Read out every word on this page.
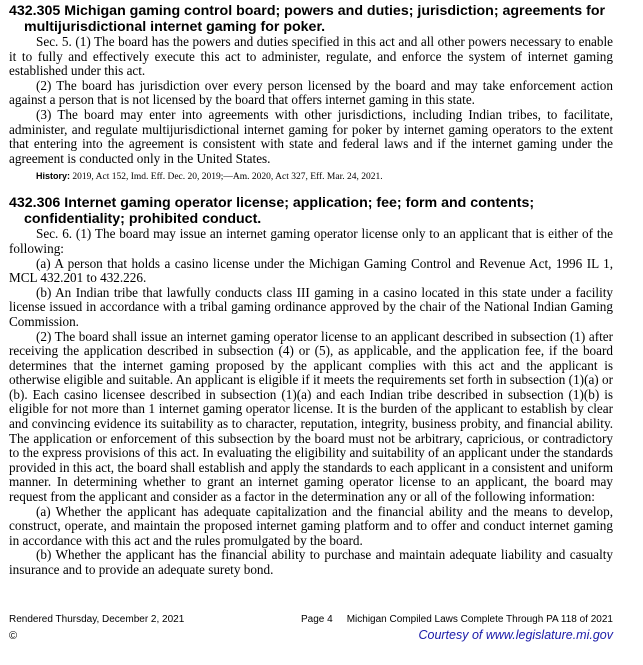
432.305 Michigan gaming control board; powers and duties; jurisdiction; agreements for multijurisdictional internet gaming for poker.

Sec. 5. (1) The board has the powers and duties specified in this act and all other powers necessary to enable it to fully and effectively execute this act to administer, regulate, and enforce the system of internet gaming established under this act.

(2) The board has jurisdiction over every person licensed by the board and may take enforcement action against a person that is not licensed by the board that offers internet gaming in this state.

(3) The board may enter into agreements with other jurisdictions, including Indian tribes, to facilitate, administer, and regulate multijurisdictional internet gaming for poker by internet gaming operators to the extent that entering into the agreement is consistent with state and federal laws and if the internet gaming under the agreement is conducted only in the United States.

History: 2019, Act 152, Imd. Eff. Dec. 20, 2019;—Am. 2020, Act 327, Eff. Mar. 24, 2021.

432.306 Internet gaming operator license; application; fee; form and contents; confidentiality; prohibited conduct.

Sec. 6. (1) The board may issue an internet gaming operator license only to an applicant that is either of the following:

(a) A person that holds a casino license under the Michigan Gaming Control and Revenue Act, 1996 IL 1, MCL 432.201 to 432.226.

(b) An Indian tribe that lawfully conducts class III gaming in a casino located in this state under a facility license issued in accordance with a tribal gaming ordinance approved by the chair of the National Indian Gaming Commission.

(2) The board shall issue an internet gaming operator license to an applicant described in subsection (1) after receiving the application described in subsection (4) or (5), as applicable, and the application fee, if the board determines that the internet gaming proposed by the applicant complies with this act and the applicant is otherwise eligible and suitable. An applicant is eligible if it meets the requirements set forth in subsection (1)(a) or (b). Each casino licensee described in subsection (1)(a) and each Indian tribe described in subsection (1)(b) is eligible for not more than 1 internet gaming operator license. It is the burden of the applicant to establish by clear and convincing evidence its suitability as to character, reputation, integrity, business probity, and financial ability. The application or enforcement of this subsection by the board must not be arbitrary, capricious, or contradictory to the express provisions of this act. In evaluating the eligibility and suitability of an applicant under the standards provided in this act, the board shall establish and apply the standards to each applicant in a consistent and uniform manner. In determining whether to grant an internet gaming operator license to an applicant, the board may request from the applicant and consider as a factor in the determination any or all of the following information:

(a) Whether the applicant has adequate capitalization and the financial ability and the means to develop, construct, operate, and maintain the proposed internet gaming platform and to offer and conduct internet gaming in accordance with this act and the rules promulgated by the board.

(b) Whether the applicant has the financial ability to purchase and maintain adequate liability and casualty insurance and to provide an adequate surety bond.

Rendered Thursday, December 2, 2021	Page 4 Michigan Compiled Laws Complete Through PA 118 of 2021
©	Courtesy of www.legislature.mi.gov
